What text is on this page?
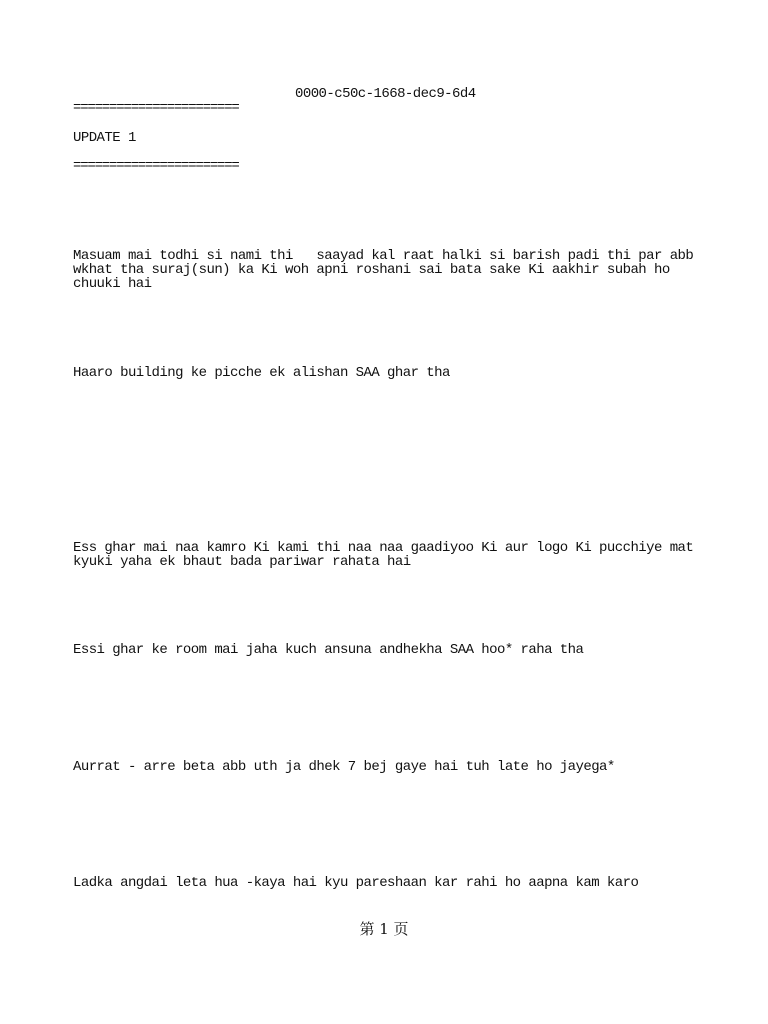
0000-c50c-1668-dec9-6d4
=======================
UPDATE 1
=======================
Masuam mai todhi si nami thi   saayad kal raat halki si barish padi thi par abb
wkhat tha suraj(sun) ka Ki woh apni roshani sai bata sake Ki aakhir subah ho
chuuki hai
Haaro building ke picche ek alishan SAA ghar tha
Ess ghar mai naa kamro Ki kami thi naa naa gaadiyoo Ki aur logo Ki pucchiye mat
kyuki yaha ek bhaut bada pariwar rahata hai
Essi ghar ke room mai jaha kuch ansuna andhekha SAA hoo* raha tha
Aurrat - arre beta abb uth ja dhek 7 bej gaye hai tuh late ho jayega*
Ladka angdai leta hua -kaya hai kyu pareshaan kar rahi ho aapna kam karo
第 1 页
